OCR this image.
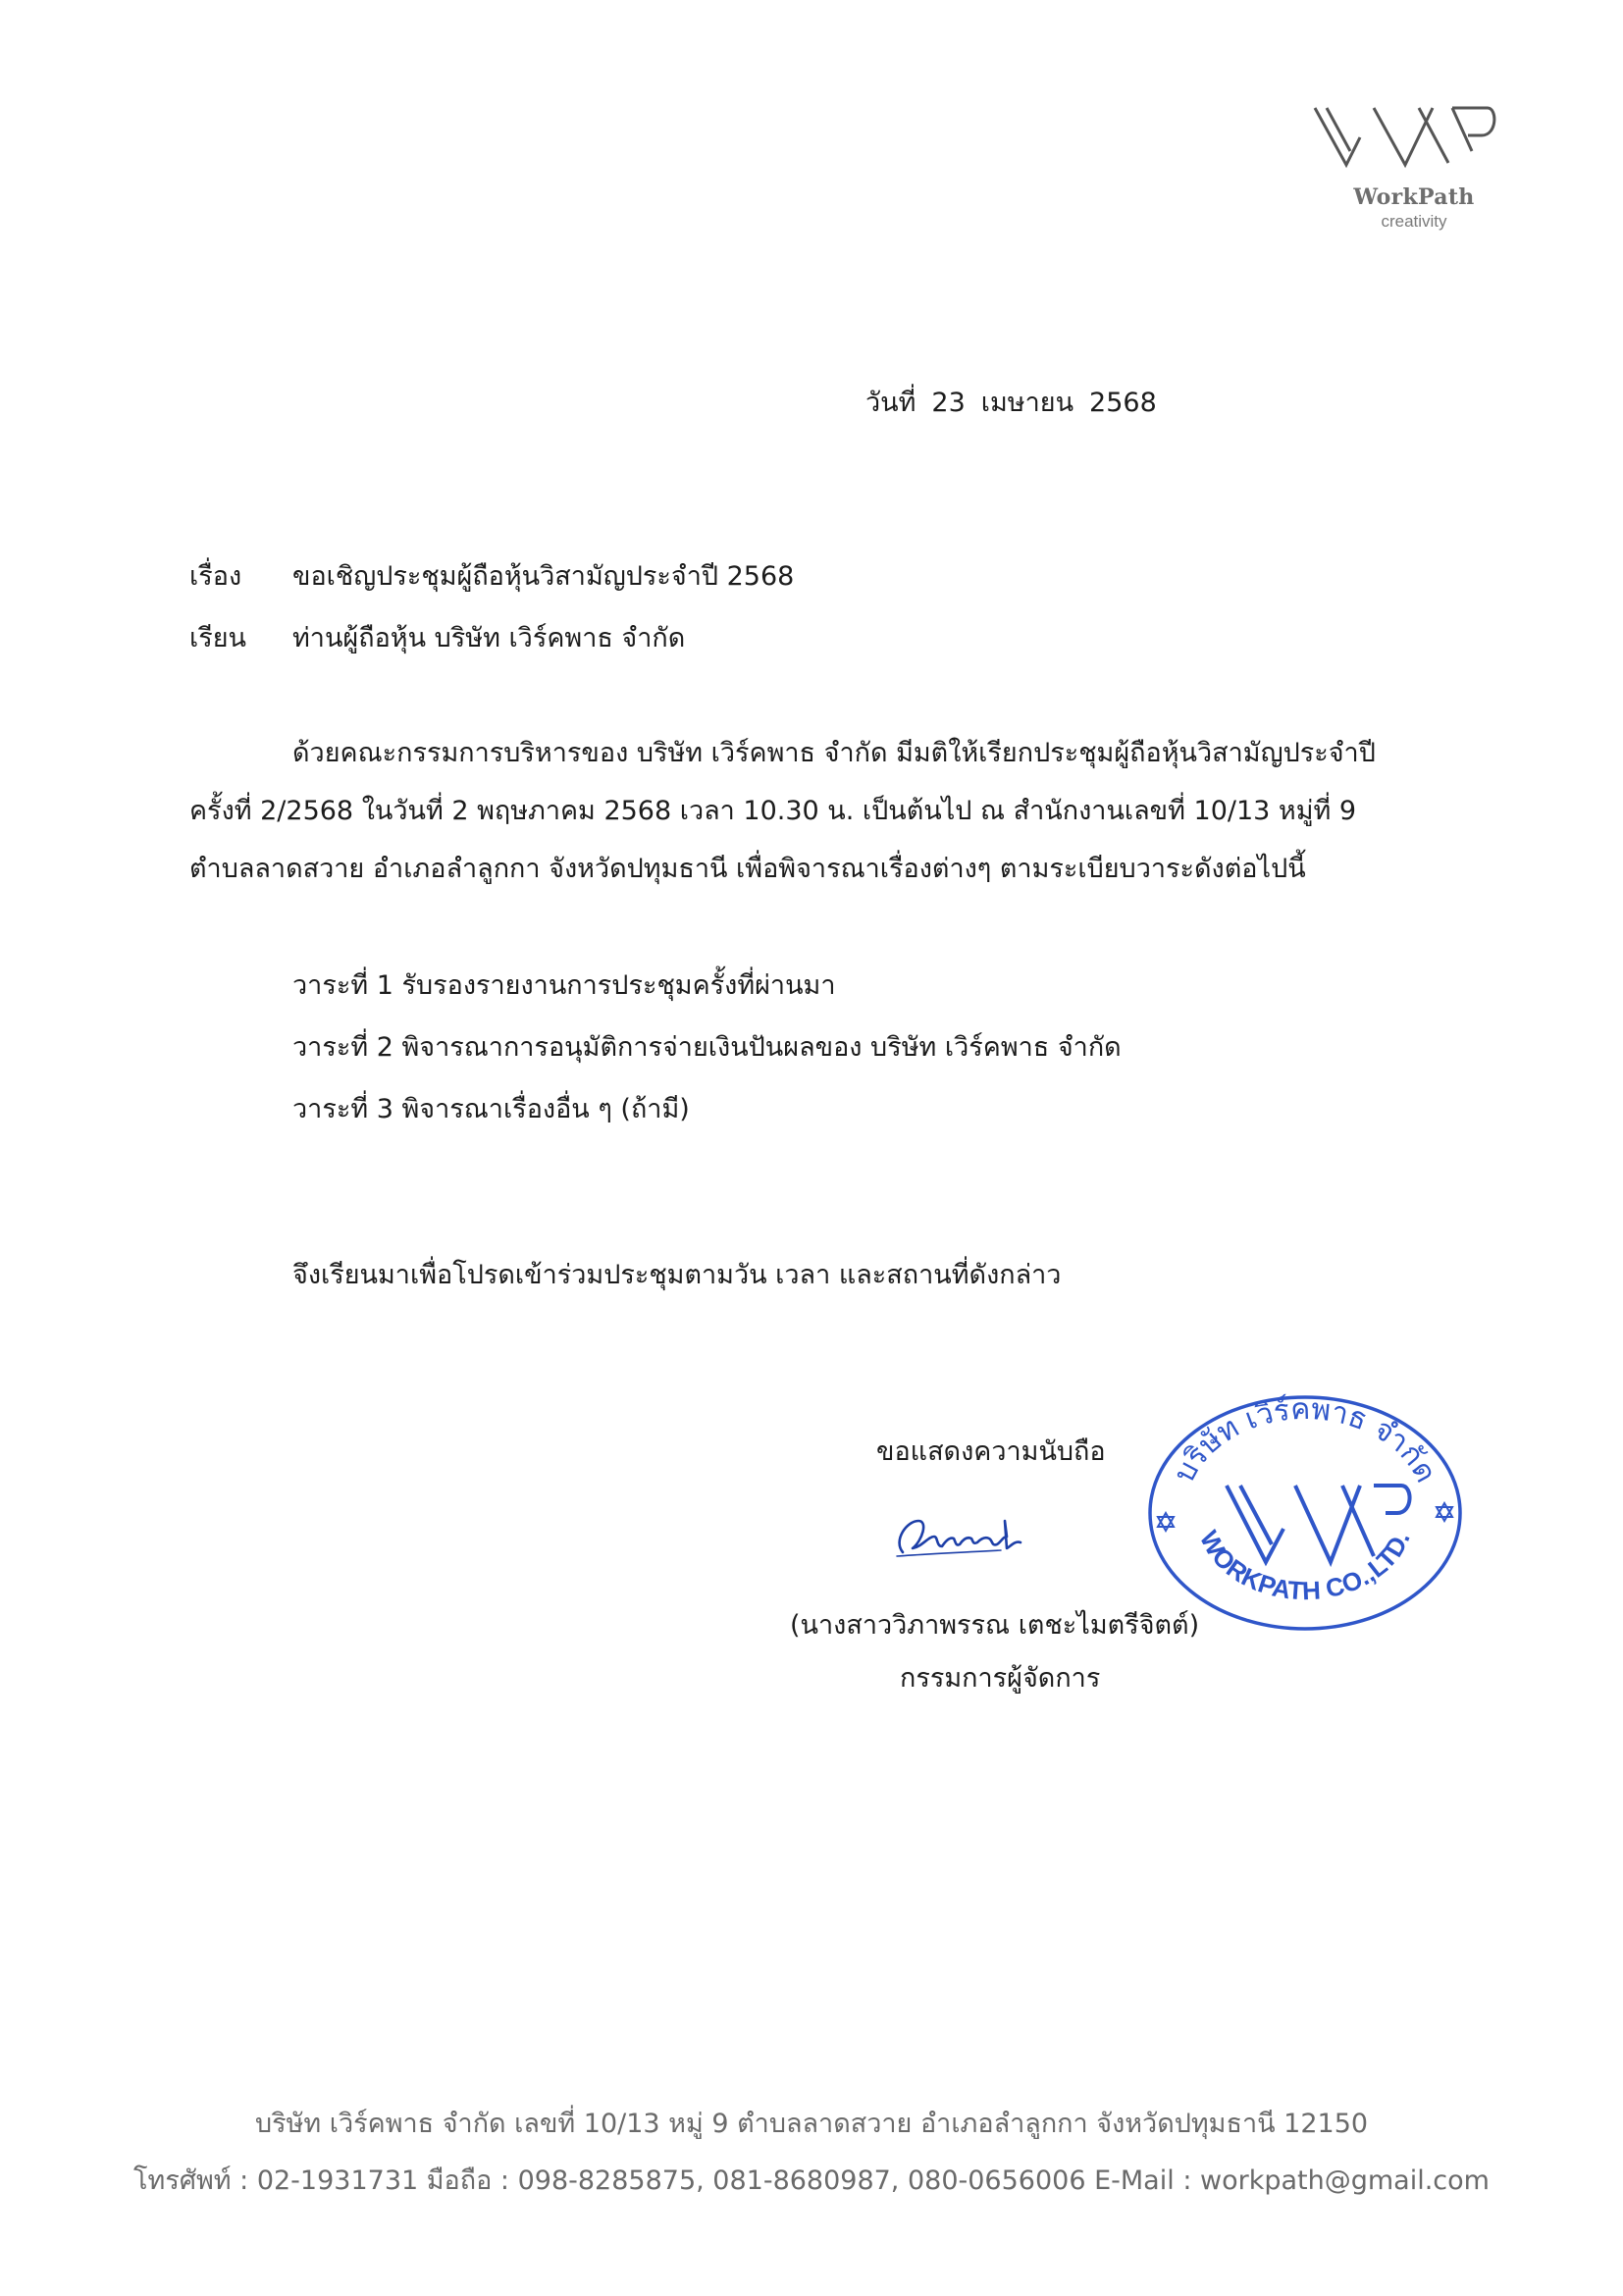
WorkPath
creativity
วันที่ 23 เมษายน 2568
เรื่อง ขอเชิญประชุมผู้ถือหุ้นวิสามัญประจำปี 2568
เรียน ท่านผู้ถือหุ้น บริษัท เวิร์คพาธ จำกัด
ด้วยคณะกรรมการบริหารของ บริษัท เวิร์คพาธ จำกัด มีมติให้เรียกประชุมผู้ถือหุ้นวิสามัญประจำปี
ครั้งที่ 2/2568 ในวันที่ 2 พฤษภาคม 2568 เวลา 10.30 น. เป็นต้นไป ณ สำนักงานเลขที่ 10/13 หมู่ที่ 9
ตำบลลาดสวาย อำเภอลำลูกกา จังหวัดปทุมธานี เพื่อพิจารณาเรื่องต่างๆ ตามระเบียบวาระดังต่อไปนี้
วาระที่ 1 รับรองรายงานการประชุมครั้งที่ผ่านมา
วาระที่ 2 พิจารณาการอนุมัติการจ่ายเงินปันผลของ บริษัท เวิร์คพาธ จำกัด
วาระที่ 3 พิจารณาเรื่องอื่น ๆ (ถ้ามี)
จึงเรียนมาเพื่อโปรดเข้าร่วมประชุมตามวัน เวลา และสถานที่ดังกล่าว
ขอแสดงความนับถือ
(นางสาววิภาพรรณ เตชะไมตรีจิตต์)
กรรมการผู้จัดการ
บริษัท เวิร์คพาธ จำกัด
WORKPATH CO.,LTD.
บริษัท เวิร์คพาธ จำกัด เลขที่ 10/13 หมู่ 9 ตำบลลาดสวาย อำเภอลำลูกกา จังหวัดปทุมธานี 12150
โทรศัพท์ : 02-1931731 มือถือ : 098-8285875, 081-8680987, 080-0656006 E-Mail : workpath@gmail.com
